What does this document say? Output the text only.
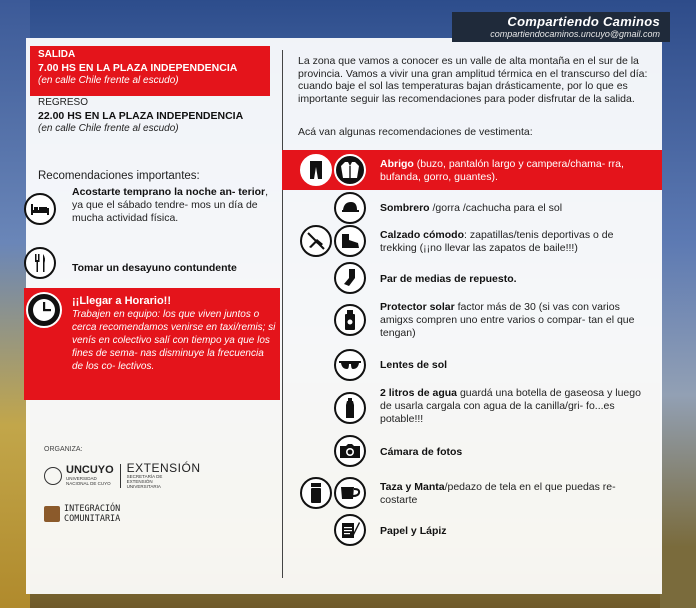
Compartiendo Caminos
compartiendocaminos.uncuyo@gmail.com
SALIDA
7.00 HS EN LA PLAZA INDEPENDENCIA
(en calle Chile frente al escudo)
REGRESO
22.00 HS EN LA PLAZA INDEPENDENCIA
(en calle Chile frente al escudo)
Recomendaciones importantes:
Acostarte temprano la noche an- terior, ya que el sábado tendre- mos un día de mucha actividad física.
Tomar un desayuno contundente
¡¡Llegar a Horario!!
Trabajen en equipo: los que viven juntos o cerca recomendamos venirse en taxi/remis; si venís en colectivo salí con tiempo ya que los fines de sema- nas disminuye la frecuencia de los co- lectivos.
ORGANIZA:
UNCUYO
UNIVERSIDAD NACIONAL DE CUYO
EXTENSIÓN
SECRETARÍA DE EXTENSIÓN UNIVERSITARIA
INTEGRACIÓN COMUNITARIA
La zona que vamos a conocer es un valle de alta montaña en el sur de la provincia. Vamos a vivir una gran amplitud térmica en el transcurso del día: cuando baje el sol las temperaturas bajan drásticamente, por lo que es importante seguir las recomendaciones para poder disfrutar de la salida.
Acá van algunas recomendaciones de vestimenta:
Abrigo (buzo, pantalón largo y campera/chama- rra, bufanda, gorro, guantes).
Sombrero /gorra /cachucha para el sol
Calzado cómodo: zapatillas/tenis deportivas o de trekking (¡¡no llevar las zapatos de baile!!!)
Par de medias de repuesto.
Protector solar factor más de 30 (si vas con varios amigxs compren uno entre varios o compar- tan el que tengan)
Lentes de sol
2 litros de agua guardá una botella de gaseosa y luego de usarla cargala con agua de la canilla/gri- fo...es potable!!!
Cámara de fotos
Taza y Manta/pedazo de tela en el que puedas re- costarte
Papel y Lápiz
